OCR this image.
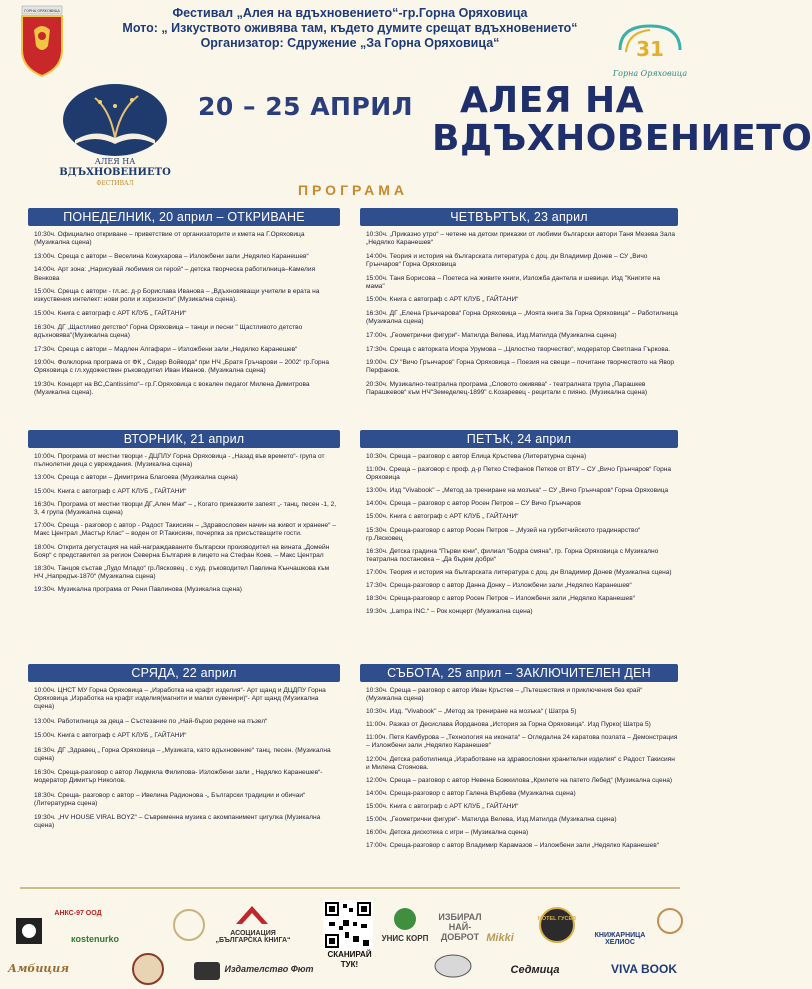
ГОРНА ОРЯХОВИЦА	Фестивал „Алея на вдъхновението“-гр.Горна Оряховица
Мото: „ Изкуството оживява там, където думите срещат вдъхновението“
Организатор: Сдружение „За Горна Оряховица“	31
Горна Оряховица
АЛЕЯ НА
ВДЪХНОВЕНИЕТО
ФЕСТИВАЛ
20 – 25 АПРИЛ	АЛЕЯ НА
ВДЪХНОВЕНИЕТО
ПРОГРАМА
ПОНЕДЕЛНИК, 20 април – ОТКРИВАНЕ
10:30ч. Официално откриване – приветствие от организаторите и кмета на Г.Оряховица (Музикална сцена)
13:00ч. Среща с автори – Веселина Кожухарова – Изложбени зали „Недялко Каранешев“
14:00ч. Арт зона: „Нарисувай любимия си герой“ – детска творческа работилница–Камелия Венкова
15:00ч. Среща с автори - гл.ас. д-р Борислава Иванова – „Вдъхновяващи учители в ерата на изкуствения интелект: нови роли и хоризонти“ (Музикална сцена).
15:00ч. Книга с автограф с АРТ КЛУБ „ ГАЙТАНИ“
16:30ч. ДГ „Щастливо детство“ Горна Оряховица – танци и песни " Щастливото детство вдъхновява"(Музикална сцена)
17:30ч. Среща с автори – Мадлен Алгафари – Изложбени зали „Недялко Каранешев“
19:00ч. Фолклорна програма от ФК „ Сидер Войвода“ при НЧ „Братя Гръчарови – 2002“ гр.Горна Оряховица с гл.художествен ръководител Иван Иванов. (Музикална сцена)
19:30ч. Концерт на ВС„Cantissimo“– гр.Г.Оряховица с вокален педагог Милена Димитрова (Музикална сцена).
ЧЕТВЪРТЪК, 23 април
10:30ч. „Приказно утро“ – четене на детски приказки от любими български автори Таня Мезева Зала „Недялко Каранешев“
14:00ч. Теория и история на българската литература с доц. дн Владимир Донев – СУ „Вичо Грънчаров“ Горна Оряховица
15:00ч. Таня Борисова – Поетеса на живите книги, Изложба дантела и шевици. Изд "Книгите на мама"
15:00ч. Книга с автограф с АРТ КЛУБ „ ГАЙТАНИ“
16:30ч. ДГ „Елена Грънчарова“ Горна Оряховица – „Моята книга За Горна Оряховица“ – Работилница (Музикална сцена)
17:00ч. „Геометрични фигури“- Матилда Велева, Изд.Матилда (Музикална сцена)
17:30ч. Среща с авторката Искра Урумова – „Цялостно творчество“, модератор Светлана Гъркова.
19:00ч. СУ "Вичо Грънчаров" Горна Оряховица – Поезия на свещи – почитане творчеството на Явор Перфанов.
20:30ч. Музикално-театрална програма „Словото оживява“ - театралната трупа „Парашкев Парашкевов“ към НЧ"Земеделец-1899" с.Козаревец - рецитали с пияно. (Музикална сцена)
ВТОРНИК, 21 април
10:00ч. Програма от местни творци - ДЦПЛУ Горна Оряховица - „Назад във времето“- група от пълнолетни деца с увреждания. (Музикална сцена)
13:00ч. Среща с автори – Димитрина Благоева (Музикална сцена)
15:00ч. Книга с автограф с АРТ КЛУБ „ ГАЙТАНИ“
16:30ч. Програма от местни творци ДГ„Ален Мак“ – „ Когато приказките запеят „- танц, песен -1, 2, 3, 4 група (Музикална сцена)
17:00ч. Среща - разговор с автор - Радост Такисиян – „Здравословен начин на живот и хранене“ – Макс Централ „Мастър Клас“ – воден от Р.Такисиян, почерпка за присъстващите гости.
18:00ч. Открита дегустация на най-награждаваните български производител на вината „Домейн Бояр“ с представител за регион Северна България в лицето на Стефан Коев. – Макс Централ
18:30ч. Танцов състав „Лудо Младо“ гр.Лясковец , с худ. ръководител Павлина Кънчашкова към НЧ „Напредък-1870“ (Музикална сцена)
19:30ч. Музикална програма от Рени Павлинова (Музикална сцена)
ПЕТЪК, 24 април
10:30ч. Среща – разговор с автор Елица Кръстева (Литературна сцена)
11:00ч. Среща – разговор с проф. д-р Петко Стефанов Петков от ВТУ – СУ „Вичо Грънчаров“ Горна Оряховица
13:00ч. Изд "Vivabook" – „Метод за трениране на мозъка“ – СУ „Вичо Грънчаров“ Горна Оряховица
14:00ч. Среща – разговор с автор Росен Петров – СУ Вичо Грънчаров
15:00ч. Книга с автограф с АРТ КЛУБ „ ГАЙТАНИ“
15:30ч. Среща-разговор с автор Росен Петров – „Музей на гурбетчийското градинарство“ гр.Лясковец
16:30ч. Детска градина "Първи юни", филиал "Бодра смяна", гр. Горна Оряховица с Музикално театрална постановка – „Да бъдем добри“
17:00ч. Теория и история на българската литература с доц. дн Владимир Донев (Музикална сцена)
17:30ч. Среща-разговор с автор Данна Донку – Изложбени зали „Недялко Каранешев“
18:30ч. Среща-разговор с автор Росен Петров – Изложбени зали „Недялко Каранешев“
19:30ч. „Lampa INC.“ – Рок концерт (Музикална сцена)
СРЯДА, 22 април
10:00ч. ЦНСТ МУ Горна Оряховица – „Изработка на крафт изделия“- Арт щанд и ДЦДПУ Горна Оряховица „Изработка на крафт изделия(магнити и малки сувенири)“- Арт щанд (Музикална сцена)
13:00ч. Работилница за деца – Състезание по „Най-бързо редене на пъзел“
15:00ч. Книга с автограф с АРТ КЛУБ „ ГАЙТАНИ“
16:30ч. ДГ „Здравец „ Горна Оряховица – „Музиката, като вдъхновение“ танц, песен. (Музикална сцена)
16:30ч. Среща-разговор с автор Людмила Филипова- Изложбени зали „ Недялко Каранешев“- модератор Димитър Николов.
18:30ч. Среща- разговор с автор – Ивелина Радионова -„ Български традиции и обичаи“ (Литературна сцена)
19:30ч. „HV HOUSE VIRAL BOYZ“ – Съвременна музика с акомпанимент цигулка (Музикална сцена)
СЪБОТА, 25 април – ЗАКЛЮЧИТЕЛЕН ДЕН
10:30ч. Среща – разговор с автор Иван Кръстев – „Пътешествия и приключения без край“ (Музикална сцена)
10:30ч. Изд. "Vivabook" – „Метод за трениране на мозъка“ ( Шатра 5)
11:00ч. Разказ от Десислава Йорданова „История за Горна Оряховица“. Изд Пурко( Шатра 5)
11:00ч. Петя Камбурова – „Технология на иконата“ – Огледална 24 каратова позлата – Демонстрация – Изложбени зали „Недялко Каранешев“
12:00ч. Детска работилница „Изработване на здравословни хранителни изделия“ с Радост Такисиян и Милена Стоянова.
12:00ч. Среща – разговор с автор Невена Божкилова „Крилете на патето Лебед“ (Музикална сцена)
14:00ч. Среща-разговор с автор Галена Върбева (Музикална сцена)
15:00ч. Книга с автограф с АРТ КЛУБ „ ГАЙТАНИ“
15:00ч. „Геометрични фигури“- Матилда Велева, Изд.Матилда (Музикална сцена)
16:00ч. Детска дискотека с игри – (Музикална сцена)
17:00ч. Среща-разговор с автор Владимир Карамазов – Изложбени зали „Недялко Каранешев“
АНКС-97 ООД
кostenurko
Амбиция
АСОЦИАЦИЯ „БЪЛГАРСКА КНИГА“
Издателство Фют
УНИС КОРП
ИЗБИРАЛ НАЙ-ДОБРОТ Mikki
Седмица
HOTEL ГУСЕВ
КНИЖАРНИЦА ХЕЛИОС
VIVA BOOK
СКАНИРАЙ ТУК!
